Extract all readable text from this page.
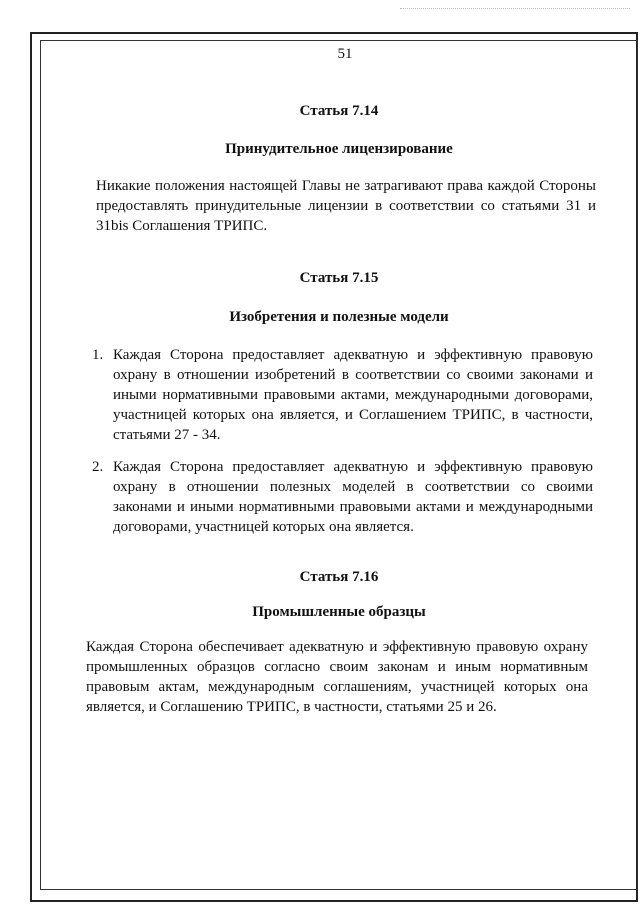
51
Статья 7.14
Принудительное лицензирование

Никакие положения настоящей Главы не затрагивают права каждой Стороны предоставлять принудительные лицензии в соответствии со статьями 31 и 31bis Соглашения ТРИПС.

Статья 7.15
Изобретения и полезные модели
1. Каждая Сторона предоставляет адекватную и эффективную правовую охрану в отношении изобретений в соответствии со своими законами и иными нормативными правовыми актами, международными договорами, участницей которых она является, и Соглашением ТРИПС, в частности, статьями 27 - 34.

2. Каждая Сторона предоставляет адекватную и эффективную правовую охрану в отношении полезных моделей в соответствии со своими законами и иными нормативными правовыми актами и международными договорами, участницей которых она является.

Статья 7.16
Промышленные образцы

Каждая Сторона обеспечивает адекватную и эффективную правовую охрану промышленных образцов согласно своим законам и иным нормативным правовым актам, международным соглашениям, участницей которых она является, и Соглашению ТРИПС, в частности, статьями 25 и 26.
